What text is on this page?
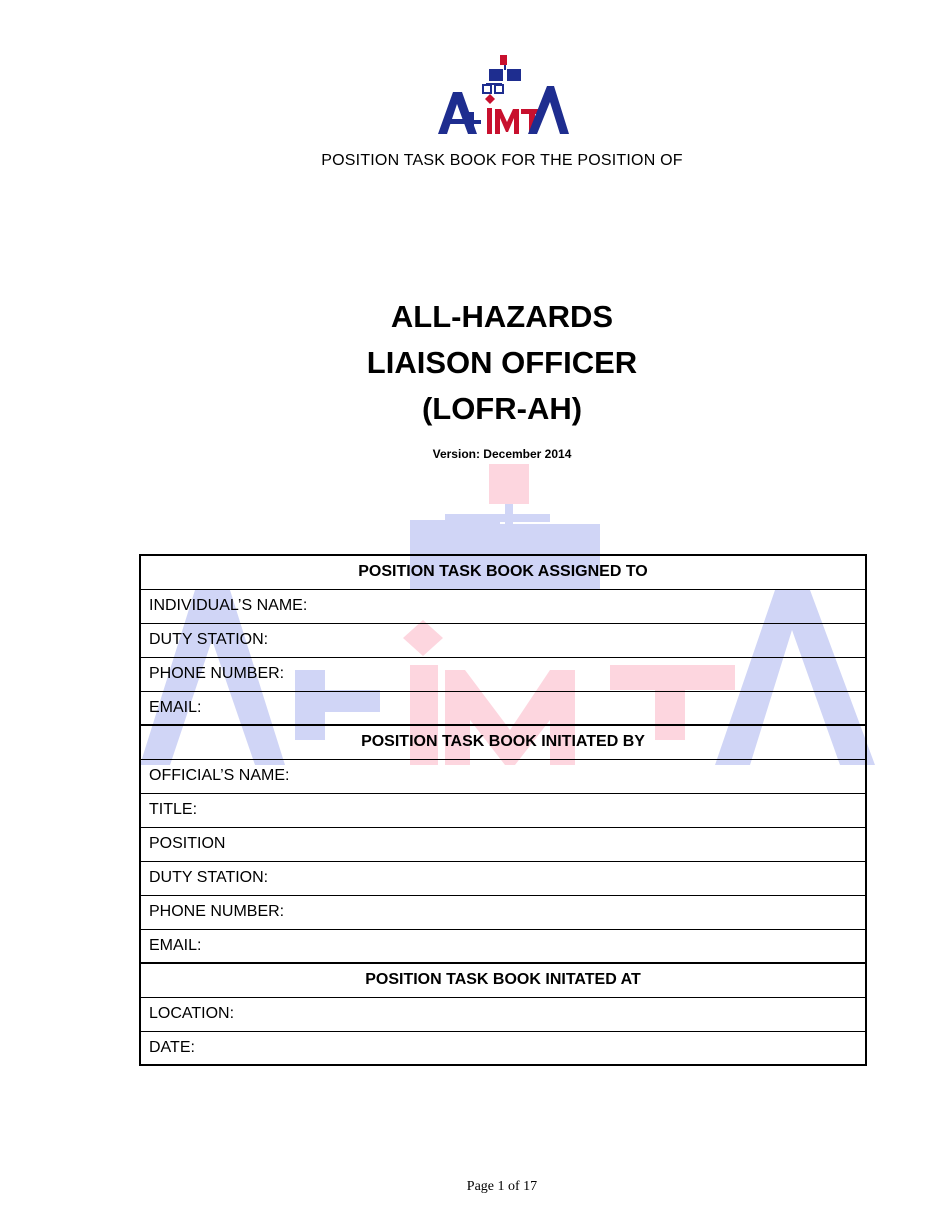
POSITION TASK BOOK FOR THE POSITION OF
ALL-HAZARDS
LIAISON OFFICER
(LOFR-AH)
Version: December 2014
POSITION TASK BOOK ASSIGNED TO
INDIVIDUAL’S NAME:
DUTY STATION:
PHONE NUMBER:
EMAIL:
POSITION TASK BOOK INITIATED BY
OFFICIAL’S NAME:
TITLE:
POSITION
DUTY STATION:
PHONE NUMBER:
EMAIL:
POSITION TASK BOOK INITATED AT
LOCATION:
DATE:
Page 1 of 17
